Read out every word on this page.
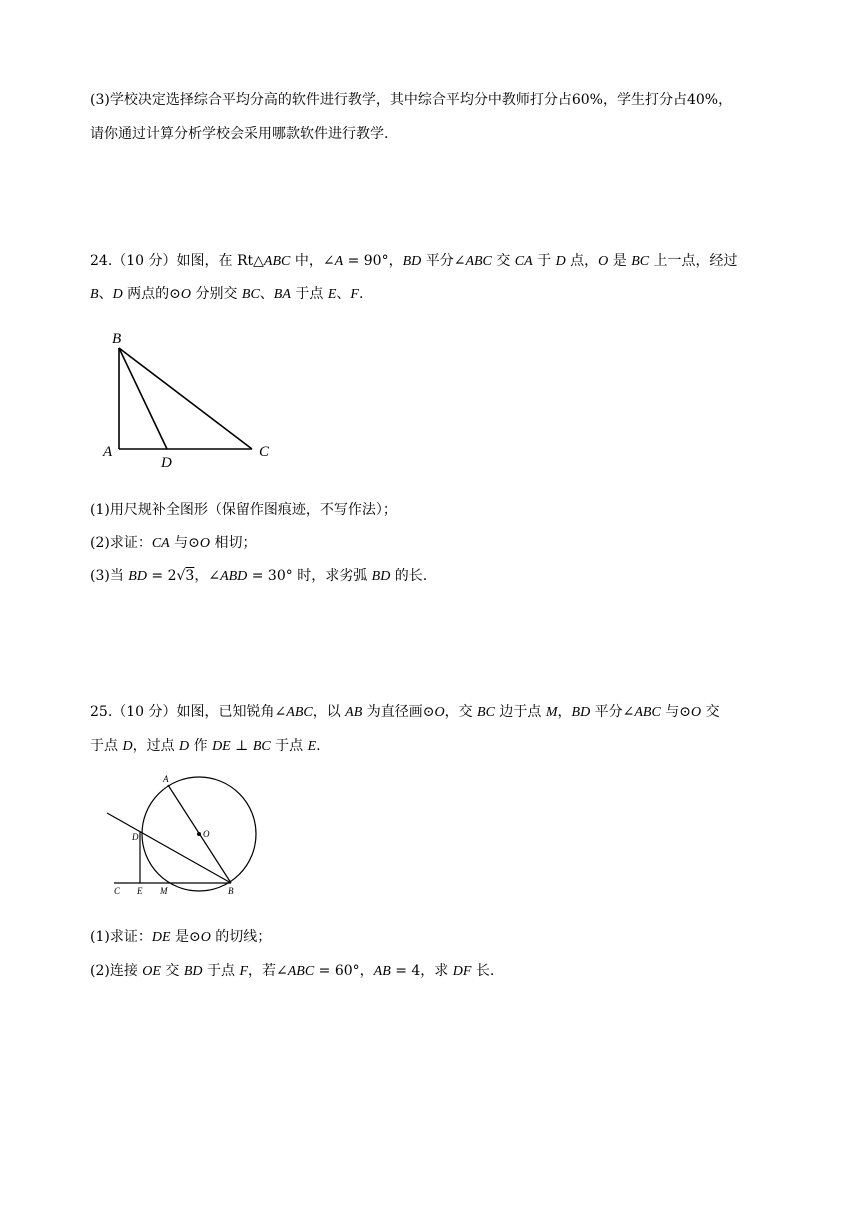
(3)学校决定选择综合平均分高的软件进行教学，其中综合平均分中教师打分占60%，学生打分占40%，
请你通过计算分析学校会采用哪款软件进行教学.
24.（10 分）如图，在 Rt△ABC 中，∠A = 90°，BD 平分∠ABC 交 CA 于 D 点，O 是 BC 上一点，经过
B、D 两点的⊙O 分别交 BC、BA 于点 E、F.
B
A
D
C
(1)用尺规补全图形（保留作图痕迹，不写作法）；
(2)求证：CA 与⊙O 相切；
(3)当 BD = 2√3，∠ABD = 30° 时，求劣弧 BD 的长.
25.（10 分）如图，已知锐角∠ABC，以 AB 为直径画⊙O，交 BC 边于点 M，BD 平分∠ABC 与⊙O 交
于点 D，过点 D 作 DE ⊥ BC 于点 E.
A
O
D
C E M	B
(1)求证：DE 是⊙O 的切线；
(2)连接 OE 交 BD 于点 F，若∠ABC = 60°，AB = 4，求 DF 长.
